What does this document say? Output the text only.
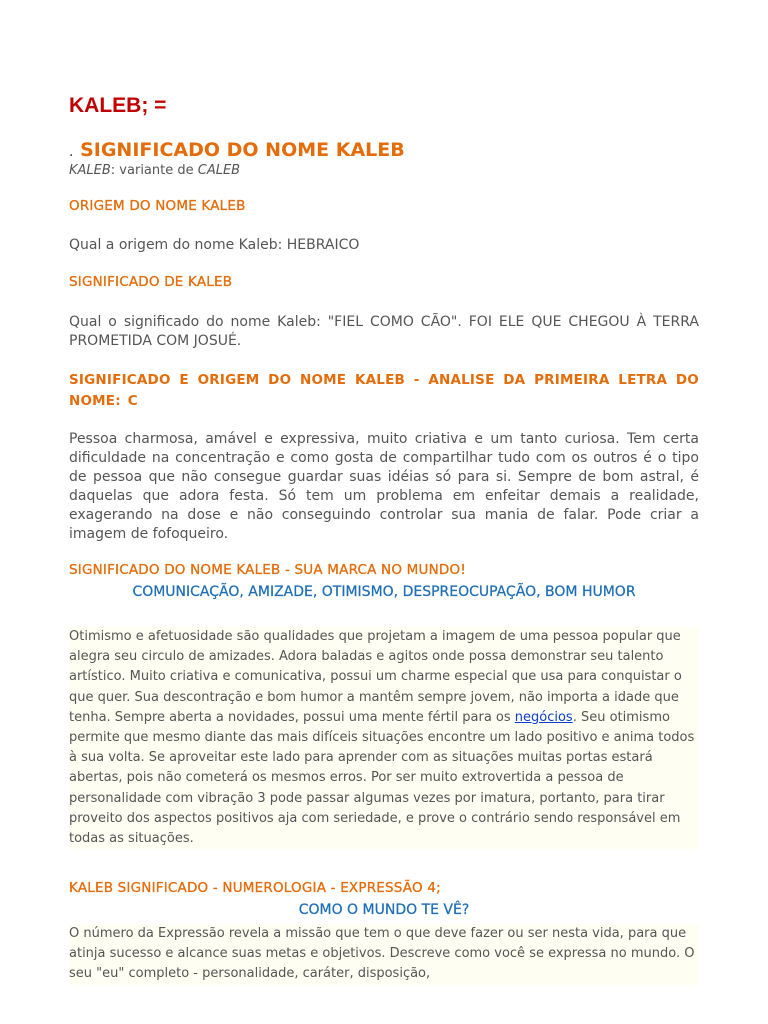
KALEB; =
. SIGNIFICADO DO NOME KALEB

KALEB: variante de CALEB

ORIGEM DO NOME KALEB

Qual a origem do nome Kaleb: HEBRAICO

SIGNIFICADO DE KALEB

Qual o significado do nome Kaleb: "FIEL COMO CÃO". FOI ELE QUE CHEGOU À TERRA PROMETIDA COM JOSUÉ.

SIGNIFICADO E ORIGEM DO NOME KALEB - ANALISE DA PRIMEIRA LETRA DO NOME: C

Pessoa charmosa, amável e expressiva, muito criativa e um tanto curiosa. Tem certa dificuldade na concentração e como gosta de compartilhar tudo com os outros é o tipo de pessoa que não consegue guardar suas idéias só para si. Sempre de bom astral, é daquelas que adora festa. Só tem um problema em enfeitar demais a realidade, exagerando na dose e não conseguindo controlar sua mania de falar. Pode criar a imagem de fofoqueiro.

SIGNIFICADO DO NOME KALEB - SUA MARCA NO MUNDO!
COMUNICAÇÃO, AMIZADE, OTIMISMO, DESPREOCUPAÇÃO, BOM HUMOR

Otimismo e afetuosidade são qualidades que projetam a imagem de uma pessoa popular que alegra seu circulo de amizades. Adora baladas e agitos onde possa demonstrar seu talento artístico. Muito criativa e comunicativa, possui um charme especial que usa para conquistar o que quer. Sua descontração e bom humor a mantêm sempre jovem, não importa a idade que tenha. Sempre aberta a novidades, possui uma mente fértil para os negócios. Seu otimismo permite que mesmo diante das mais difíceis situações encontre um lado positivo e anima todos à sua volta. Se aproveitar este lado para aprender com as situações muitas portas estará abertas, pois não cometerá os mesmos erros. Por ser muito extrovertida a pessoa de personalidade com vibração 3 pode passar algumas vezes por imatura, portanto, para tirar proveito dos aspectos positivos aja com seriedade, e prove o contrário sendo responsável em todas as situações.

KALEB SIGNIFICADO - NUMEROLOGIA - EXPRESSÃO 4;
COMO O MUNDO TE VÊ?

O número da Expressão revela a missão que tem o que deve fazer ou ser nesta vida, para que atinja sucesso e alcance suas metas e objetivos. Descreve como você se expressa no mundo. O seu "eu" completo - personalidade, caráter, disposição,
